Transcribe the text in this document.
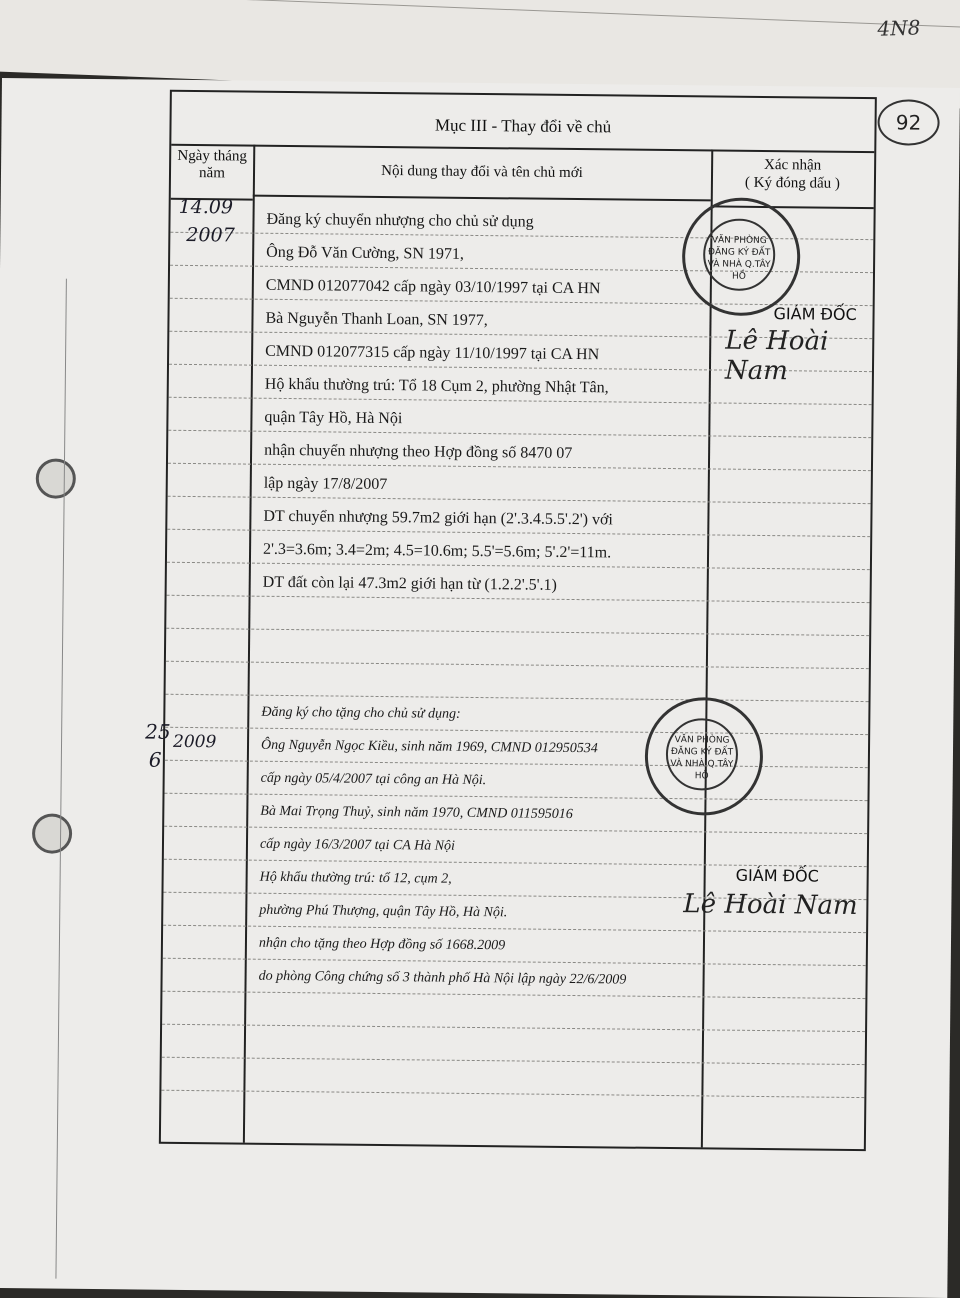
4N8
92
Mục III - Thay đổi về chủ
Ngày tháng
năm	Nội dung thay đổi và tên chủ mới	Xác nhận
( Ký đóng dấu )
14.09
2007
Đăng ký chuyển nhượng cho chủ sử dụng
Ông Đỗ Văn Cường, SN 1971,
CMND 012077042 cấp ngày 03/10/1997 tại CA HN
Bà Nguyễn Thanh Loan, SN 1977,
CMND 012077315 cấp ngày 11/10/1997 tại CA HN
Hộ khẩu thường trú: Tổ 18 Cụm 2, phường Nhật Tân,
quận Tây Hồ, Hà Nội
nhận chuyển nhượng theo Hợp đồng số 8470 07
lập ngày 17/8/2007
DT chuyển nhượng 59.7m2 giới hạn (2'.3.4.5.5'.2') với
2'.3=3.6m; 3.4=2m; 4.5=10.6m; 5.5'=5.6m; 5'.2'=11m.
DT đất còn lại 47.3m2 giới hạn từ (1.2.2'.5'.1)
VĂN PHÒNG ĐĂNG KÝ ĐẤT VÀ NHÀ Q.TÂY HỒ
GIÁM ĐỐC
Lê Hoài Nam
25
6
2009
Đăng ký cho tặng cho chủ sử dụng:
Ông Nguyễn Ngọc Kiều, sinh năm 1969, CMND 012950534
cấp ngày 05/4/2007 tại công an Hà Nội.
Bà Mai Trọng Thuỷ, sinh năm 1970, CMND 011595016
cấp ngày 16/3/2007 tại CA Hà Nội
Hộ khẩu thường trú: tổ 12, cụm 2,
phường Phú Thượng, quận Tây Hồ, Hà Nội.
nhận cho tặng theo Hợp đồng số 1668.2009
do phòng Công chứng số 3 thành phố Hà Nội lập ngày 22/6/2009
VĂN PHÒNG ĐĂNG KÝ ĐẤT VÀ NHÀ Q.TÂY HỒ
GIÁM ĐỐC
Lê Hoài Nam
